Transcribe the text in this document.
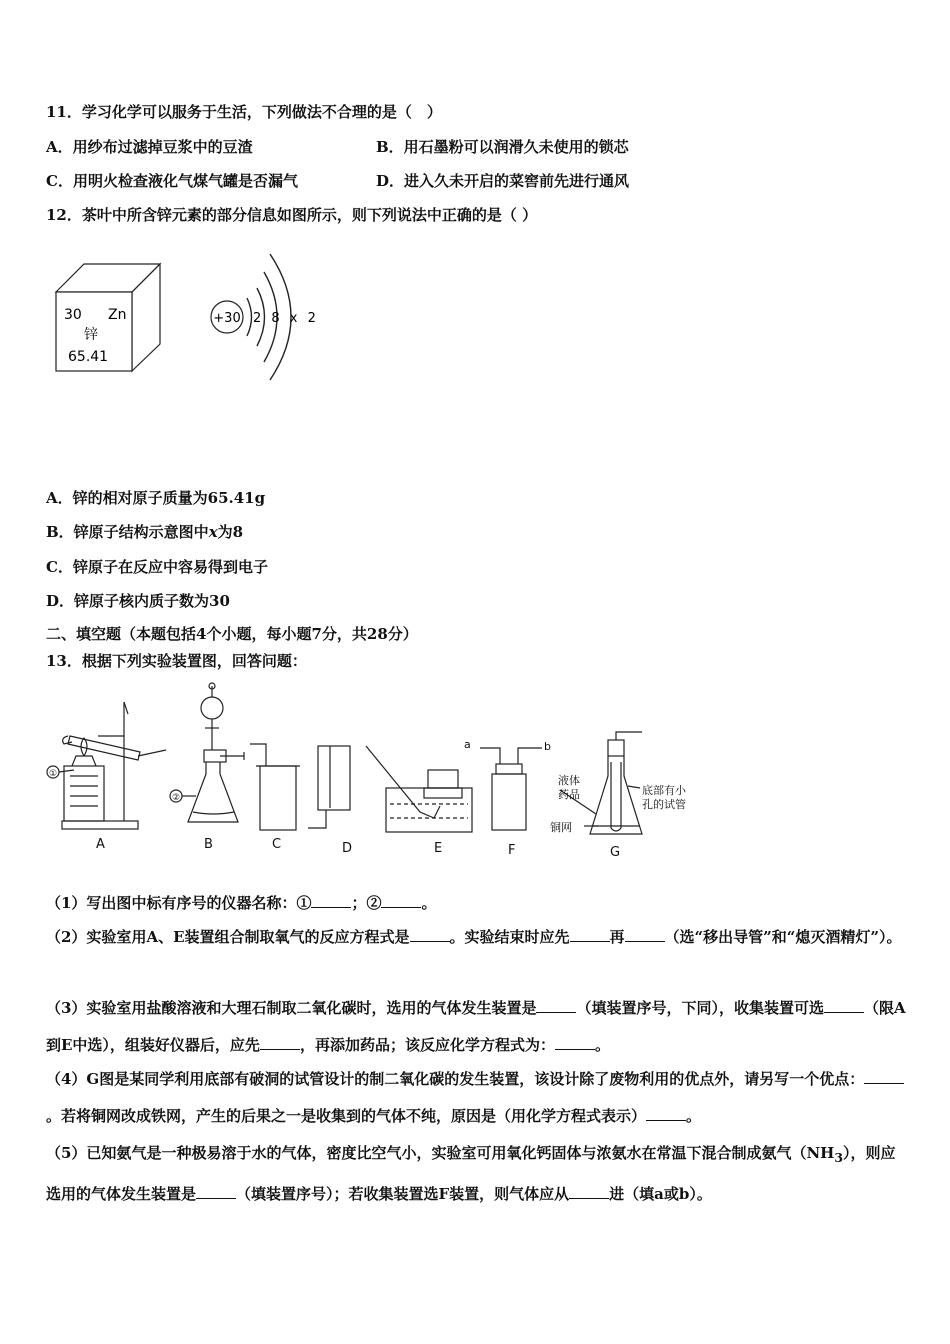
11．学习化学可以服务于生活，下列做法不合理的是（　）
A．用纱布过滤掉豆浆中的豆渣	B．用石墨粉可以润滑久未使用的锁芯
C．用明火检查液化气煤气罐是否漏气	D．进入久未开启的菜窖前先进行通风
12．茶叶中所含锌元素的部分信息如图所示，则下列说法中正确的是（ ）
30 Zn
锌
65.41
+30 2 8 x 2
A．锌的相对原子质量为65.41g
B．锌原子结构示意图中x为8
C．锌原子在反应中容易得到电子
D．锌原子核内质子数为30
二、填空题（本题包括4个小题，每小题7分，共28分）
13．根据下列实验装置图，回答问题：
①
A
②
B	C	D	E
a	b
F
液体
药品
铜网
底部有小
孔的试管
G
（1）写出图中标有序号的仪器名称：①	；②	。
（2）实验室用A、E装置组合制取氧气的反应方程式是	。实验结束时应先	再	（选“移出导管”和“熄灭酒精灯”）。
（3）实验室用盐酸溶液和大理石制取二氧化碳时，选用的气体发生装置是	（填装置序号，下同），收集装置可选	（限A到E中选），组装好仪器后，应先	，再添加药品；该反应化学方程式为：	。
（4）G图是某同学利用底部有破洞的试管设计的制二氧化碳的发生装置，该设计除了废物利用的优点外，请另写一个优点：。若将铜网改成铁网，产生的后果之一是收集到的气体不纯，原因是（用化学方程式表示）	。
（5）已知氨气是一种极易溶于水的气体，密度比空气小，实验室可用氧化钙固体与浓氨水在常温下混合制成氨气$(NH_3)$，则应选用的气体发生装置是	（填装置序号）；若收集装置选F装置，则气体应从	进（填a或b）。
